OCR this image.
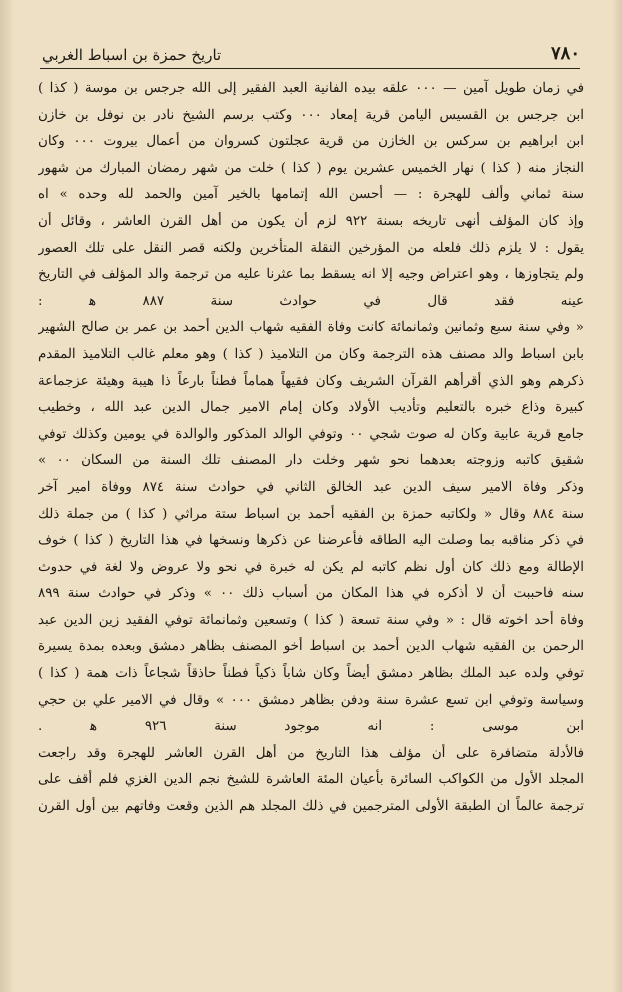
٧٨٠
تاريخ حمزة بن اسباط الغربي
في زمان طويل آمين — ٠٠٠ علقه بيده الفانية العبد الفقير إلى الله جرجس بن موسة ( كذا )
ابن جرجس بن القسيس اليامن قرية إمعاد ٠٠٠ وكتب برسم الشيخ نادر بن نوفل بن خازن
ابن ابراهيم بن سركس بن الخازن من قرية عجلتون كسروان من أعمال بيروت ٠٠٠ وكان
النجاز منه ( كذا ) نهار الخميس عشرين يوم ( كذا ) خلت من شهر رمضان المبارك من شهور
سنة ثماني وألف للهجرة : — أحسن الله إتمامها بالخير آمين والحمد لله وحده » اه
وإذ كان المؤلف أنهى تاريخه بسنة ٩٢٢ لزم أن يكون من أهل القرن العاشر ، وقائل أن
يقول : لا يلزم ذلك فلعله من المؤرخين النقلة المتأخرين ولكنه قصر النقل على تلك العصور
ولم يتجاوزها ، وهو اعتراض وجيه إلا انه يسقط بما عثرنا عليه من ترجمة والد المؤلف في التاريخ
عينه فقد قال في حوادث سنة ٨٨٧ ﻫ :
« وفي سنة سبع وثمانين وثمانمائة كانت وفاة الفقيه شهاب الدين أحمد بن عمر بن صالح الشهير
بابن اسباط والد مصنف هذه الترجمة وكان من التلاميذ ( كذا ) وهو معلم غالب التلاميذ المقدم
ذكرهم وهو الذي أقرأهم القرآن الشريف وكان فقيهاً هماماً فطناً بارعاً ذا هيبة وهيئة عزجماعة
كبيرة وذاع خبره بالتعليم وتأديب الأولاد وكان إمام الامير جمال الدين عبد الله ، وخطيب
جامع قرية عابية وكان له صوت شجي ٠٠ وتوفي الوالد المذكور والوالدة في يومين وكذلك توفي
شقيق كاتبه وزوجته بعدهما نحو شهر وخلت دار المصنف تلك السنة من السكان ٠٠ »
وذكر وفاة الامير سيف الدين عبد الخالق الثاني في حوادث سنة ٨٧٤ ووفاة امير آخر
سنة ٨٨٤ وقال « ولكاتبه حمزة بن الفقيه أحمد بن اسباط ستة مراثي ( كذا ) من جملة ذلك
في ذكر مناقبه بما وصلت اليه الطاقه فأعرضنا عن ذكرها ونسخها في هذا التاريخ ( كذا ) خوف
الإطالة ومع ذلك كان أول نظم كاتبه لم يكن له خبرة في نحو ولا عروض ولا لغة في حدوث
سنه فاحببت أن لا أذكره في هذا المكان من أسباب ذلك ٠٠ » وذكر في حوادث سنة ٨٩٩
وفاة أحد اخوته قال : « وفي سنة تسعة ( كذا ) وتسعين وثمانمائة توفي الفقيد زين الدين عبد
الرحمن بن الفقيه شهاب الدين أحمد بن اسباط أخو المصنف بظاهر دمشق وبعده بمدة يسيرة
توفي ولده عبد الملك بظاهر دمشق أيضاً وكان شاباً ذكياً فطناً حاذقاً شجاعاً ذات همة ( كذا )
وسياسة وتوفي ابن تسع عشرة سنة ودفن بظاهر دمشق ٠٠٠ » وقال في الامير علي بن حجي
ابن موسى : انه موجود سنة ٩٢٦ ﻫ .
فالأدلة متضافرة على أن مؤلف هذا التاريخ من أهل القرن العاشر للهجرة وقد راجعت
المجلد الأول من الكواكب السائرة بأعيان المئة العاشرة للشيخ نجم الدين الغزي فلم أقف على
ترجمة عالماً ان الطبقة الأولى المترجمين في ذلك المجلد هم الذين وقعت وفاتهم بين أول القرن
